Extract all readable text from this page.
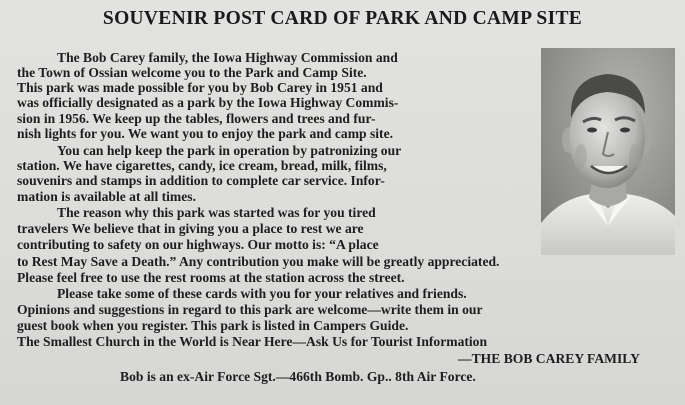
SOUVENIR POST CARD OF PARK AND CAMP SITE
The Bob Carey family, the Iowa Highway Commission and
the Town of Ossian welcome you to the Park and Camp Site.
This park was made possible for you by Bob Carey in 1951 and
was officially designated as a park by the Iowa Highway Commis-
sion in 1956. We keep up the tables, flowers and trees and fur-
nish lights for you. We want you to enjoy the park and camp site.
You can help keep the park in operation by patronizing our
station. We have cigarettes, candy, ice cream, bread, milk, films,
souvenirs and stamps in addition to complete car service. Infor-
mation is available at all times.
The reason why this park was started was for you tired
travelers We believe that in giving you a place to rest we are
contributing to safety on our highways. Our motto is: “A place
to Rest May Save a Death.” Any contribution you make will be greatly appreciated.
Please feel free to use the rest rooms at the station across the street.
Please take some of these cards with you for your relatives and friends.
Opinions and suggestions in regard to this park are welcome—write them in our
guest book when you register. This park is listed in Campers Guide.
The Smallest Church in the World is Near Here—Ask Us for Tourist Information
—THE BOB CAREY FAMILY
Bob is an ex-Air Force Sgt.—466th Bomb. Gp.. 8th Air Force.
